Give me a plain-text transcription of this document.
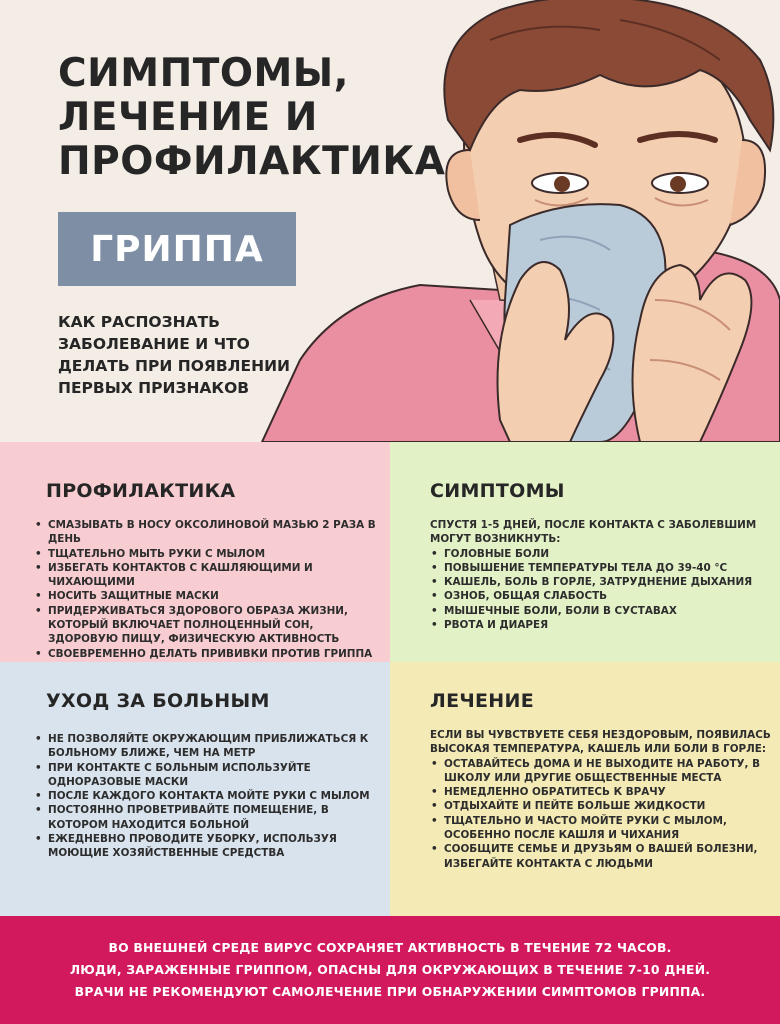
СИМПТОМЫ,
ЛЕЧЕНИЕ И
ПРОФИЛАКТИКА
ГРИППА
КАК РАСПОЗНАТЬ
ЗАБОЛЕВАНИЕ И ЧТО
ДЕЛАТЬ ПРИ ПОЯВЛЕНИИ
ПЕРВЫХ ПРИЗНАКОВ
ПРОФИЛАКТИКА
• СМАЗЫВАТЬ В НОСУ ОКСОЛИНОВОЙ МАЗЬЮ 2 РАЗА В ДЕНЬ
• ТЩАТЕЛЬНО МЫТЬ РУКИ С МЫЛОМ
• ИЗБЕГАТЬ КОНТАКТОВ С КАШЛЯЮЩИМИ И ЧИХАЮЩИМИ
• НОСИТЬ ЗАЩИТНЫЕ МАСКИ
• ПРИДЕРЖИВАТЬСЯ ЗДОРОВОГО ОБРАЗА ЖИЗНИ, КОТОРЫЙ ВКЛЮЧАЕТ ПОЛНОЦЕННЫЙ СОН, ЗДОРОВУЮ ПИЩУ, ФИЗИЧЕСКУЮ АКТИВНОСТЬ
• СВОЕВРЕМЕННО ДЕЛАТЬ ПРИВИВКИ ПРОТИВ ГРИППА
•
СИМПТОМЫ
СПУСТЯ 1-5 ДНЕЙ, ПОСЛЕ КОНТАКТА С ЗАБОЛЕВШИМ МОГУТ ВОЗНИКНУТЬ:
• ГОЛОВНЫЕ БОЛИ
• ПОВЫШЕНИЕ ТЕМПЕРАТУРЫ ТЕЛА ДО 39-40 °С
• КАШЕЛЬ, БОЛЬ В ГОРЛЕ, ЗАТРУДНЕНИЕ ДЫХАНИЯ
• ОЗНОБ, ОБЩАЯ СЛАБОСТЬ
• МЫШЕЧНЫЕ БОЛИ, БОЛИ В СУСТАВАХ
• РВОТА И ДИАРЕЯ
УХОД ЗА БОЛЬНЫМ
• НЕ ПОЗВОЛЯЙТЕ ОКРУЖАЮЩИМ ПРИБЛИЖАТЬСЯ К БОЛЬНОМУ БЛИЖЕ, ЧЕМ НА МЕТР
• ПРИ КОНТАКТЕ С БОЛЬНЫМ ИСПОЛЬЗУЙТЕ ОДНОРАЗОВЫЕ МАСКИ
• ПОСЛЕ КАЖДОГО КОНТАКТА МОЙТЕ РУКИ С МЫЛОМ
• ПОСТОЯННО ПРОВЕТРИВАЙТЕ ПОМЕЩЕНИЕ, В КОТОРОМ НАХОДИТСЯ БОЛЬНОЙ
• ЕЖЕДНЕВНО ПРОВОДИТЕ УБОРКУ, ИСПОЛЬЗУЯ МОЮЩИЕ ХОЗЯЙСТВЕННЫЕ СРЕДСТВА
ЛЕЧЕНИЕ
ЕСЛИ ВЫ ЧУВСТВУЕТЕ СЕБЯ НЕЗДОРОВЫМ, ПОЯВИЛАСЬ ВЫСОКАЯ ТЕМПЕРАТУРА, КАШЕЛЬ ИЛИ БОЛИ В ГОРЛЕ:
• ОСТАВАЙТЕСЬ ДОМА И НЕ ВЫХОДИТЕ НА РАБОТУ, В ШКОЛУ ИЛИ ДРУГИЕ ОБЩЕСТВЕННЫЕ МЕСТА
• НЕМЕДЛЕННО ОБРАТИТЕСЬ К ВРАЧУ
• ОТДЫХАЙТЕ И ПЕЙТЕ БОЛЬШЕ ЖИДКОСТИ
• ТЩАТЕЛЬНО И ЧАСТО МОЙТЕ РУКИ С МЫЛОМ, ОСОБЕННО ПОСЛЕ КАШЛЯ И ЧИХАНИЯ
• СООБЩИТЕ СЕМЬЕ И ДРУЗЬЯМ О ВАШЕЙ БОЛЕЗНИ, ИЗБЕГАЙТЕ КОНТАКТА С ЛЮДЬМИ

ВО ВНЕШНЕЙ СРЕДЕ ВИРУС СОХРАНЯЕТ АКТИВНОСТЬ В ТЕЧЕНИЕ 72 ЧАСОВ.

ЛЮДИ, ЗАРАЖЕННЫЕ ГРИППОМ, ОПАСНЫ ДЛЯ ОКРУЖАЮЩИХ В ТЕЧЕНИЕ 7-10 ДНЕЙ.

ВРАЧИ НЕ РЕКОМЕНДУЮТ САМОЛЕЧЕНИЕ ПРИ ОБНАРУЖЕНИИ СИМПТОМОВ ГРИППА.
